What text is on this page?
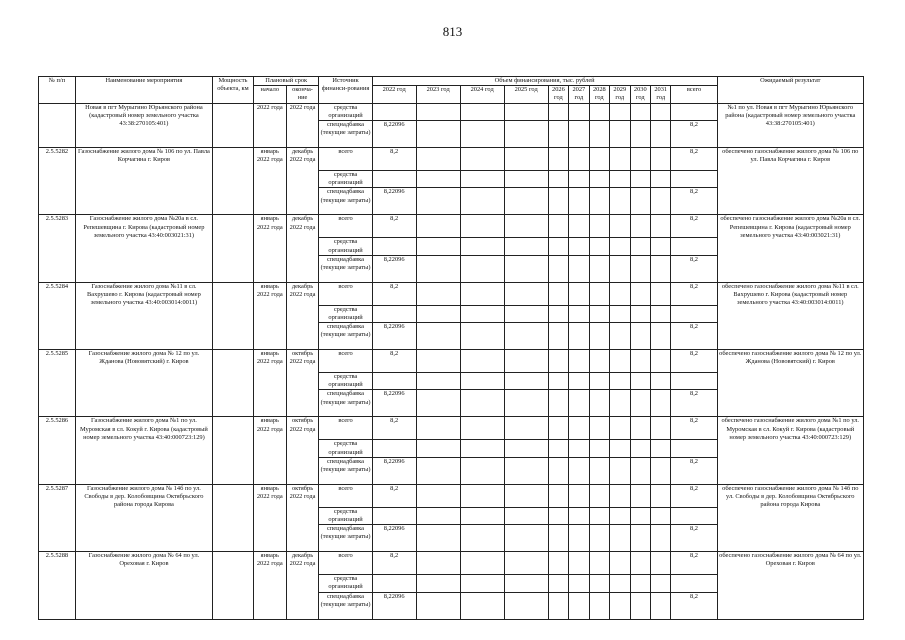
813
№ п/п	Наименование мероприятия	Мощность объекта, км	Плановый срок		Источник финанси-рования	Объем финансирования, тыс. рублей											Ожидаемый результат
			начало	оконча-ние		2022 год	2023 год	2024 год	2025 год	2026 год	2027 год	2028 год	2029 год	2030 год	2031 год	всего	

	Новая в пгт Мурыгино Юрьянского района (кадастровый номер земельного участка 43:38:270105:401)		2022 года	2022 года	средства организаций												№1 по ул. Новая в пгт Мурыгино Юрьянского района (кадастровый номер земельного участка 43:38:270105:401)
					спецнадбавка (текущие затраты)	8,22096										8,2	
2.5.5282	Газоснабжение жилого дома № 106 по ул. Павла Корчагина г. Киров		январь 2022 года	декабрь 2022 года	всего	8,2										8,2	обеспечено газоснабжение жилого дома № 106 по ул. Павла Корчагина г. Киров
					средства организаций												
					спецнадбавка (текущие затраты)	8,22096										8,2	
2.5.5283	Газоснабжение жилого дома №20а в сл. Репешевщина г. Кирова (кадастровый номер земельного участка 43:40:003021:31)		январь 2022 года	декабрь 2022 года	всего	8,2										8,2	обеспечено газоснабжение жилого дома №20а в сл. Репешевщина г. Кирова (кадастровый номер земельного участка 43:40:003021:31)
					средства организаций												
					спецнадбавка (текущие затраты)	8,22096										8,2	
2.5.5284	Газоснабжение жилого дома №11 в сл. Вахрушево г. Кирова (кадастровый номер земельного участка 43:40:003014:0011)		январь 2022 года	декабрь 2022 года	всего	8,2										8,2	обеспечено газоснабжение жилого дома №11 в сл. Вахрушево г. Кирова (кадастровый номер земельного участка 43:40:003014:0011)
					средства организаций												
					спецнадбавка (текущие затраты)	8,22096										8,2	
2.5.5285	Газоснабжение жилого дома № 12 по ул. Жданова (Нововятский) г. Киров		январь 2022 года	октябрь 2022 года	всего	8,2										8,2	обеспечено газоснабжение жилого дома № 12 по ул. Жданова (Нововятский) г. Киров
					средства организаций												
					спецнадбавка (текущие затраты)	8,22096										8,2	
2.5.5286	Газоснабжение жилого дома №1 по ул. Муромская в сл. Кокуй г. Кирова (кадастровый номер земельного участка 43:40:000723:129)		январь 2022 года	октябрь 2022 года	всего	8,2										8,2	обеспечено газоснабжение жилого дома №1 по ул. Муромская в сл. Кокуй г. Кирова (кадастровый номер земельного участка 43:40:000723:129)
					средства организаций												
					спецнадбавка (текущие затраты)	8,22096										8,2	
2.5.5287	Газоснабжение жилого дома № 14б по ул. Свободы в дер. Колобовщина Октябрьского района города Кирова		январь 2022 года	октябрь 2022 года	всего	8,2										8,2	обеспечено газоснабжение жилого дома № 14б по ул. Свободы в дер. Колобовщина Октябрьского района города Кирова
					средства организаций												
					спецнадбавка (текущие затраты)	8,22096										8,2	
2.5.5288	Газоснабжение жилого дома № 64 по ул. Ореховая г. Киров		январь 2022 года	декабрь 2022 года	всего	8,2										8,2	обеспечено газоснабжение жилого дома № 64 по ул. Ореховая г. Киров
					средства организаций												
					спецнадбавка (текущие затраты)	8,22096										8,2	
